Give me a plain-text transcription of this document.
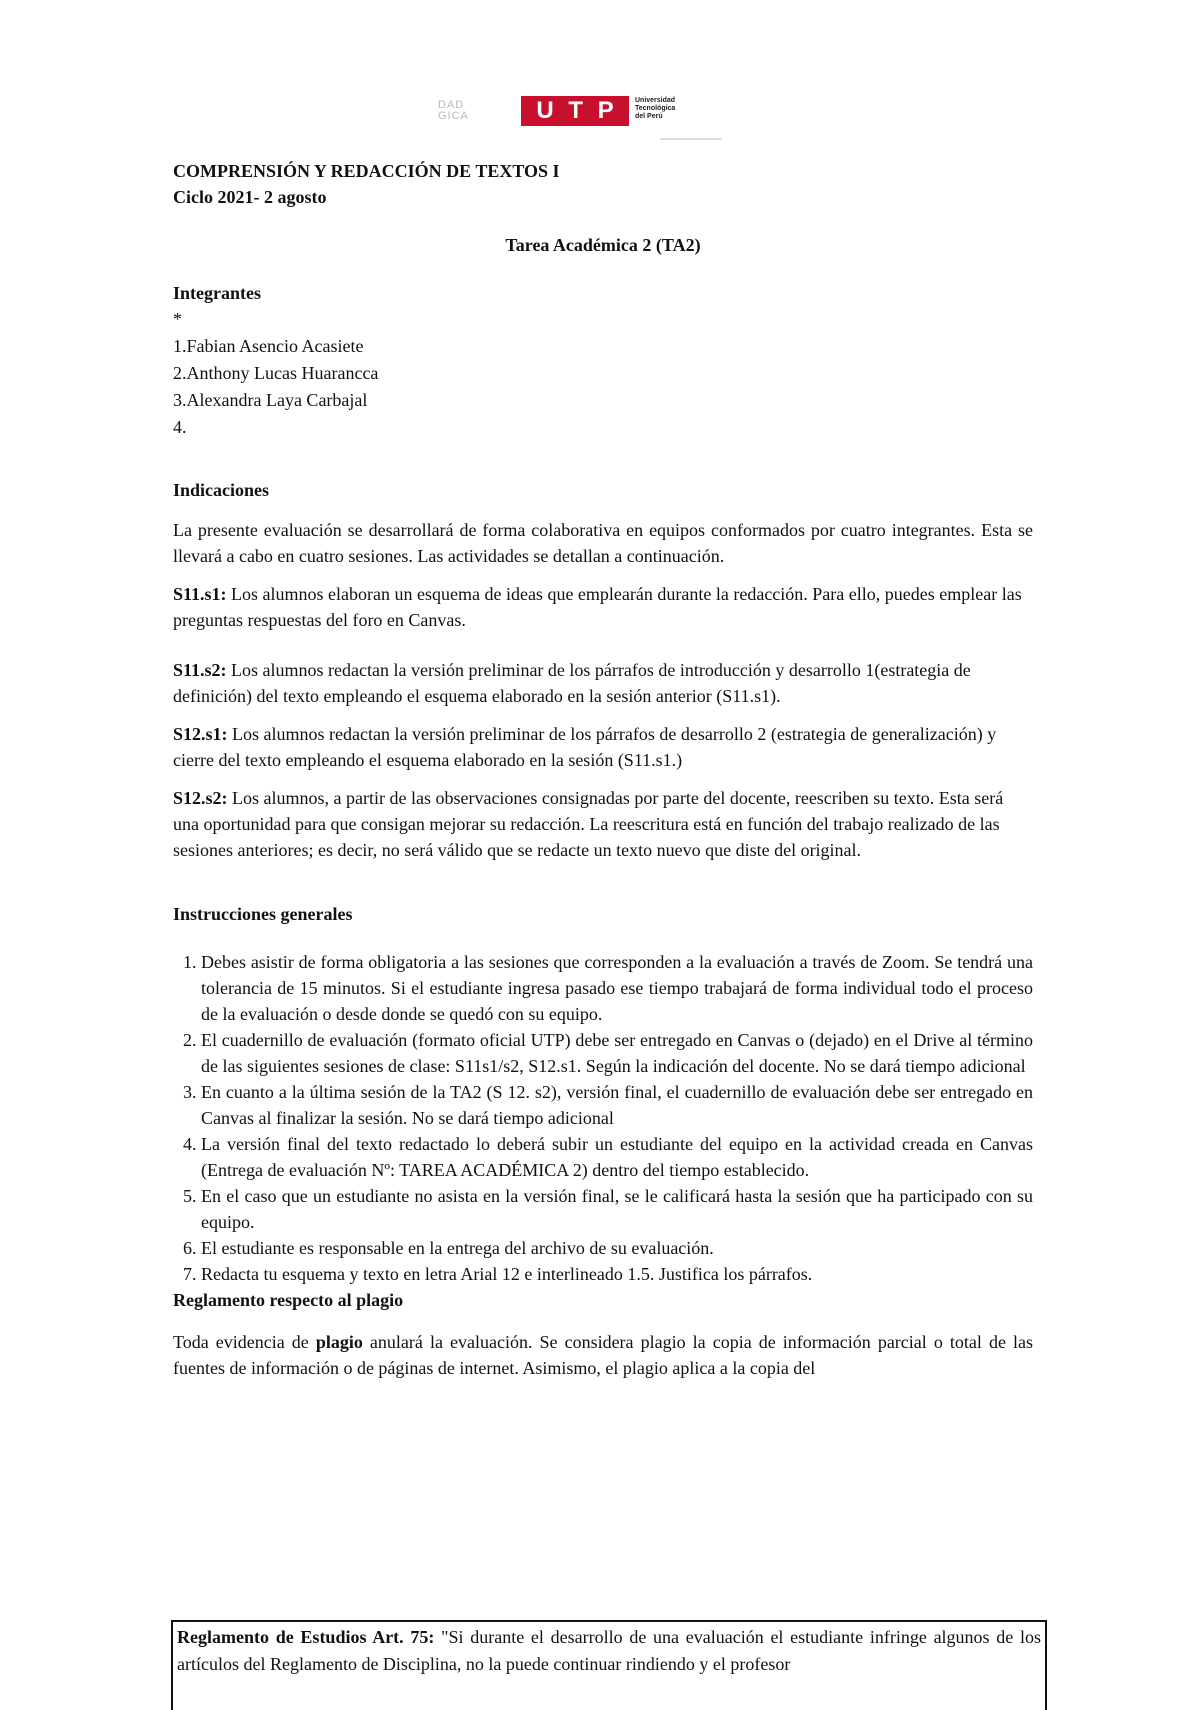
DAD
GICA	U T P	Universidad
Tecnológica
del Perú

COMPRENSIÓN Y REDACCIÓN DE TEXTOS I

Ciclo 2021- 2 agosto

Tarea Académica 2 (TA2)

Integrantes
*
1.Fabian Asencio Acasiete
2.Anthony Lucas Huarancca
3.Alexandra Laya Carbajal
4.
Indicaciones

La presente evaluación se desarrollará de forma colaborativa en equipos conformados por cuatro integrantes. Esta se llevará a cabo en cuatro sesiones. Las actividades se detallan a continuación.

S11.s1: Los alumnos elaboran un esquema de ideas que emplearán durante la redacción. Para ello, puedes emplear las preguntas respuestas del foro en Canvas.

S11.s2: Los alumnos redactan la versión preliminar de los párrafos de introducción y desarrollo 1(estrategia de definición) del texto empleando el esquema elaborado en la sesión anterior (S11.s1).

S12.s1: Los alumnos redactan la versión preliminar de los párrafos de desarrollo 2 (estrategia de generalización) y cierre del texto empleando el esquema elaborado en la sesión (S11.s1.)

S12.s2: Los alumnos, a partir de las observaciones consignadas por parte del docente, reescriben su texto. Esta será una oportunidad para que consigan mejorar su redacción. La reescritura está en función del trabajo realizado de las sesiones anteriores; es decir, no será válido que se redacte un texto nuevo que diste del original.

Instrucciones generales
1. Debes asistir de forma obligatoria a las sesiones que corresponden a la evaluación a través de Zoom. Se tendrá una tolerancia de 15 minutos. Si el estudiante ingresa pasado ese tiempo trabajará de forma individual todo el proceso de la evaluación o desde donde se quedó con su equipo.
2. El cuadernillo de evaluación (formato oficial UTP) debe ser entregado en Canvas o (dejado) en el Drive al término de las siguientes sesiones de clase: S11s1/s2, S12.s1. Según la indicación del docente. No se dará tiempo adicional
3. En cuanto a la última sesión de la TA2 (S 12. s2), versión final, el cuadernillo de evaluación debe ser entregado en Canvas al finalizar la sesión. No se dará tiempo adicional
4. La versión final del texto redactado lo deberá subir un estudiante del equipo en la actividad creada en Canvas (Entrega de evaluación Nº: TAREA ACADÉMICA 2) dentro del tiempo establecido.
5. En el caso que un estudiante no asista en la versión final, se le calificará hasta la sesión que ha participado con su equipo.
6. El estudiante es responsable en la entrega del archivo de su evaluación.
7. Redacta tu esquema y texto en letra Arial 12 e interlineado 1.5. Justifica los párrafos.
Reglamento respecto al plagio

Toda evidencia de plagio anulará la evaluación. Se considera plagio la copia de información parcial o total de las fuentes de información o de páginas de internet. Asimismo, el plagio aplica a la copia del

Reglamento de Estudios Art. 75: "Si durante el desarrollo de una evaluación el estudiante infringe algunos de los artículos del Reglamento de Disciplina, no la puede continuar rindiendo y el profesor
